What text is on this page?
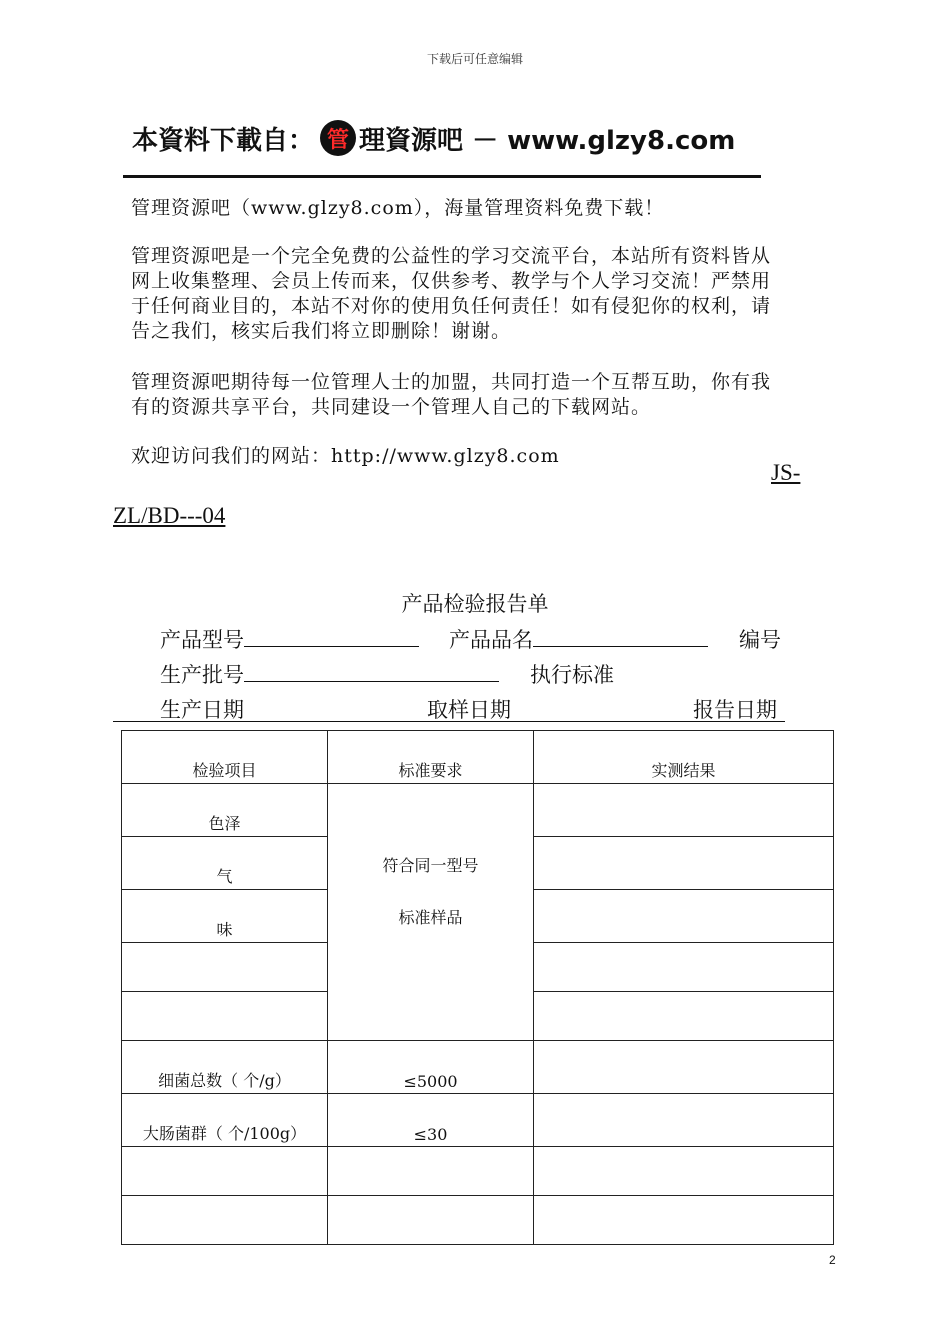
下载后可任意编辑
本資料下載自： 管 理資源吧 － www.glzy8.com
管理资源吧（www.glzy8.com），海量管理资料免费下载！
管理资源吧是一个完全免费的公益性的学习交流平台，本站所有资料皆从网上收集整理、会员上传而来，仅供参考、教学与个人学习交流！严禁用于任何商业目的，本站不对你的使用负任何责任！如有侵犯你的权利，请告之我们，核实后我们将立即删除！谢谢。
管理资源吧期待每一位管理人士的加盟，共同打造一个互帮互助，你有我有的资源共享平台，共同建设一个管理人自己的下载网站。
欢迎访问我们的网站：http://www.glzy8.com
JS-
ZL/BD---04
产品检验报告单
产品型号	产品品名	编号
生产批号	执行标准
生产日期	取样日期	报告日期
检验项目	标准要求	实测结果

色泽	符合同一型号
标准样品	

气		

味		

细菌总数（ 个/g）	≤5000	

大肠菌群（ 个/100g）	≤30	

2
